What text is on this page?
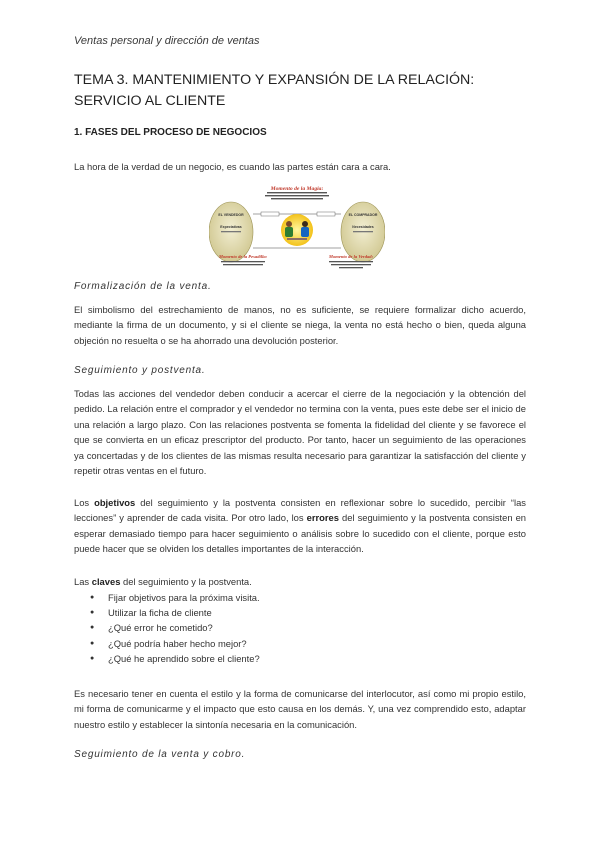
Ventas personal y dirección de ventas
TEMA 3. MANTENIMIENTO Y EXPANSIÓN DE LA RELACIÓN: SERVICIO AL CLIENTE
1. FASES DEL PROCESO DE NEGOCIOS

La hora de la verdad de un negocio, es cuando las partes están cara a cara.

Momento de la Magia:
EL VENDEDOR
Expectativas
EL COMPRADOR
Necesidades
Momento de la Pesadilla:	Momento de la Verdad:
Formalización de la venta.

El simbolismo del estrechamiento de manos, no es suficiente, se requiere formalizar dicho acuerdo, mediante la firma de un documento, y si el cliente se niega, la venta no está hecho o bien, queda alguna objeción no resuelta o se ha ahorrado una devolución posterior.

Seguimiento y postventa.

Todas las acciones del vendedor deben conducir a acercar el cierre de la negociación y la obtención del pedido. La relación entre el comprador y el vendedor no termina con la venta, pues este debe ser el inicio de una relación a largo plazo. Con las relaciones postventa se fomenta la fidelidad del cliente y se favorece el que se convierta en un eficaz prescriptor del producto. Por tanto, hacer un seguimiento de las operaciones ya concertadas y de los clientes de las mismas resulta necesario para garantizar la satisfacción del cliente y repetir otras ventas en el futuro.

Los objetivos del seguimiento y la postventa consisten en reflexionar sobre lo sucedido, percibir “las lecciones” y aprender de cada visita. Por otro lado, los errores del seguimiento y la postventa consisten en esperar demasiado tiempo para hacer seguimiento o análisis sobre lo sucedido con el cliente, porque esto puede hacer que se olviden los detalles importantes de la interacción.

Las claves del seguimiento y la postventa.

● Fijar objetivos para la próxima visita.
● Utilizar la ficha de cliente
● ¿Qué error he cometido?
● ¿Qué podría haber hecho mejor?
● ¿Qué he aprendido sobre el cliente?

Es necesario tener en cuenta el estilo y la forma de comunicarse del interlocutor, así como mi propio estilo, mi forma de comunicarme y el impacto que esto causa en los demás. Y, una vez comprendido esto, adaptar nuestro estilo y establecer la sintonía necesaria en la comunicación.

Seguimiento de la venta y cobro.
